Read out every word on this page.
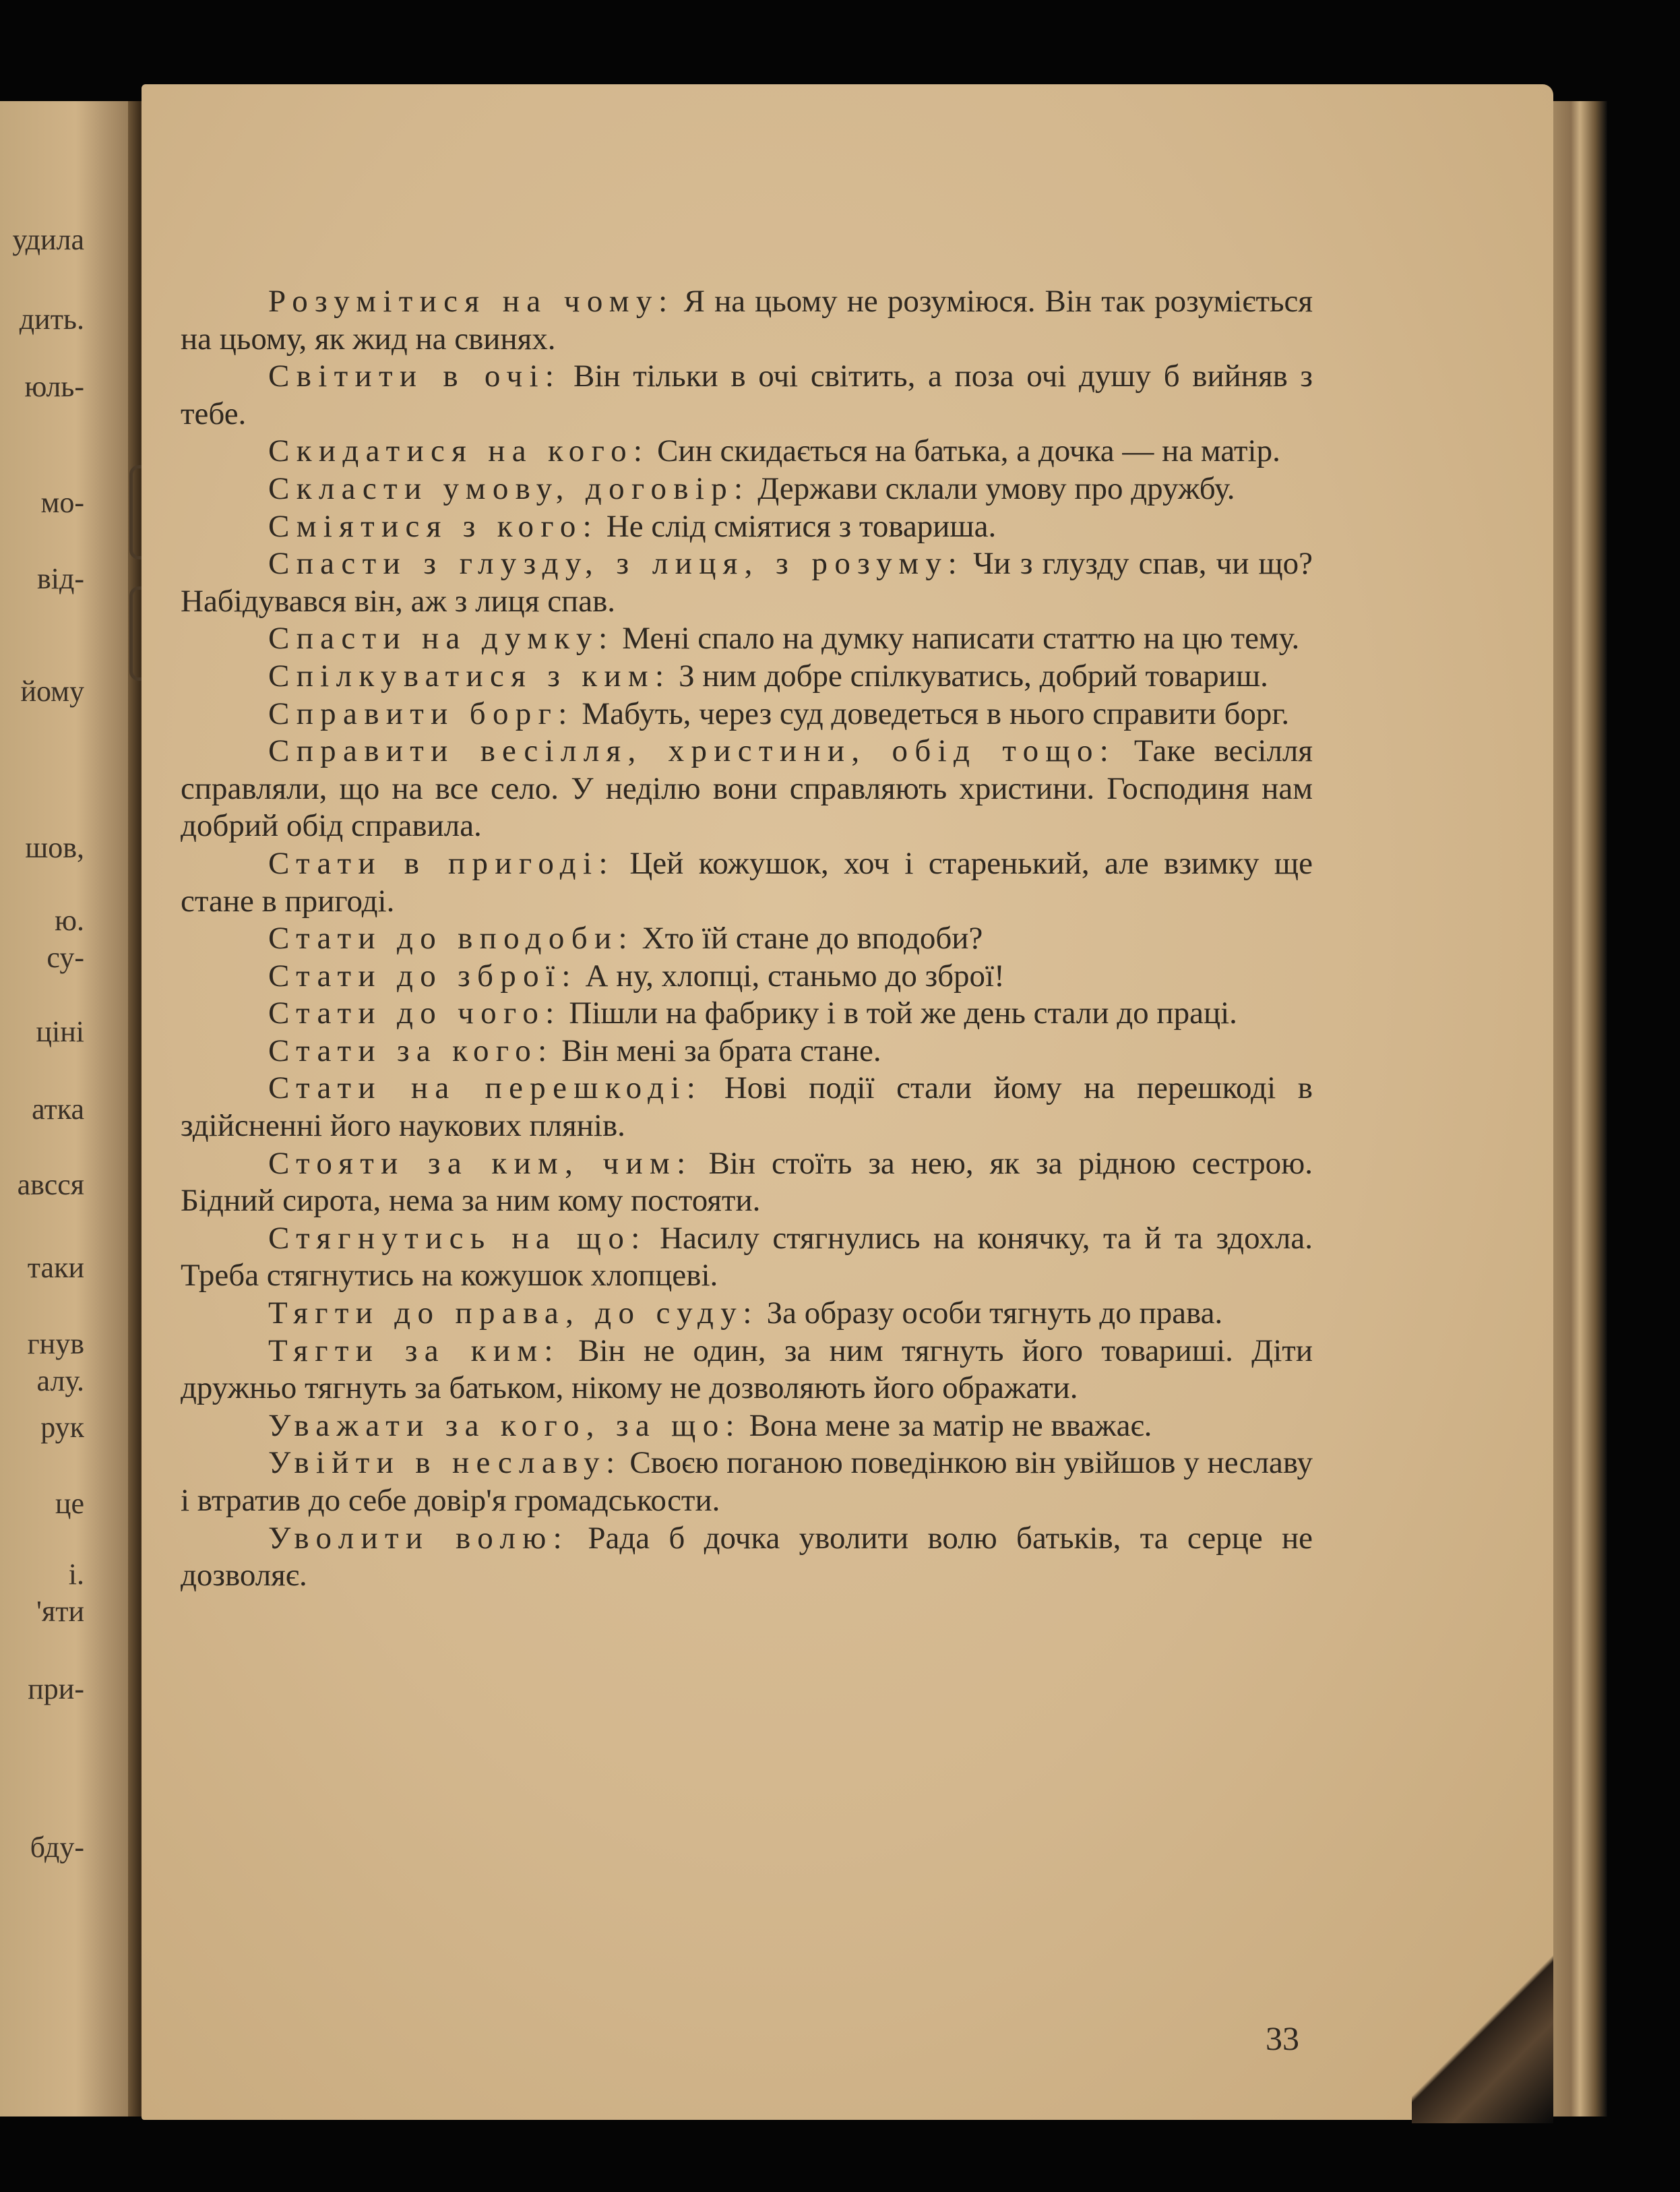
удила
дить.
юль-
мо-
від-
йому
шов,
ю.
су-
ціні
атка
авсся
таки
гнув
алу.
рук
це
і.
'яти
при-
бду-

Розумітися на чому: Я на цьому не розуміюся. Він так розуміється на цьому, як жид на свинях.

Світити в очі: Він тільки в очі світить, а поза очі душу б вийняв з тебе.

Скидатися на кого: Син скидається на батька, а дочка — на матір.

Скласти умову, договір: Держави склали умову про дружбу.

Сміятися з кого: Не слід сміятися з товариша.

Спасти з глузду, з лиця, з розуму: Чи з глузду спав, чи що? Набідувався він, аж з лиця спав.

Спасти на думку: Мені спало на думку написати статтю на цю тему.

Спілкуватися з ким: З ним добре спілкуватись, добрий товариш.

Справити борг: Мабуть, через суд доведеться в нього справити борг.

Справити весілля, христини, обід тощо: Таке весілля справляли, що на все село. У неділю вони справляють христини. Господиня нам добрий обід справила.

Стати в пригоді: Цей кожушок, хоч і старенький, але взимку ще стане в пригоді.

Стати до вподоби: Хто їй стане до вподоби?

Стати до зброї: А ну, хлопці, станьмо до зброї!

Стати до чого: Пішли на фабрику і в той же день стали до праці.

Стати за кого: Він мені за брата стане.

Стати на перешкоді: Нові події стали йому на перешкоді в здійсненні його наукових плянів.

Стояти за ким, чим: Він стоїть за нею, як за рідною сестрою. Бідний сирота, нема за ним кому постояти.

Стягнутись на що: Насилу стягнулись на конячку, та й та здохла. Треба стягнутись на кожушок хлопцеві.

Тягти до права, до суду: За образу особи тягнуть до права.

Тягти за ким: Він не один, за ним тягнуть його товариші. Діти дружньо тягнуть за батьком, нікому не дозволяють його ображати.

Уважати за кого, за що: Вона мене за матір не вважає.

Увійти в неславу: Своєю поганою поведінкою він увійшов у неславу і втратив до себе довір'я громадськости.

Уволити волю: Рада б дочка уволити волю батьків, та серце не дозволяє.

33
